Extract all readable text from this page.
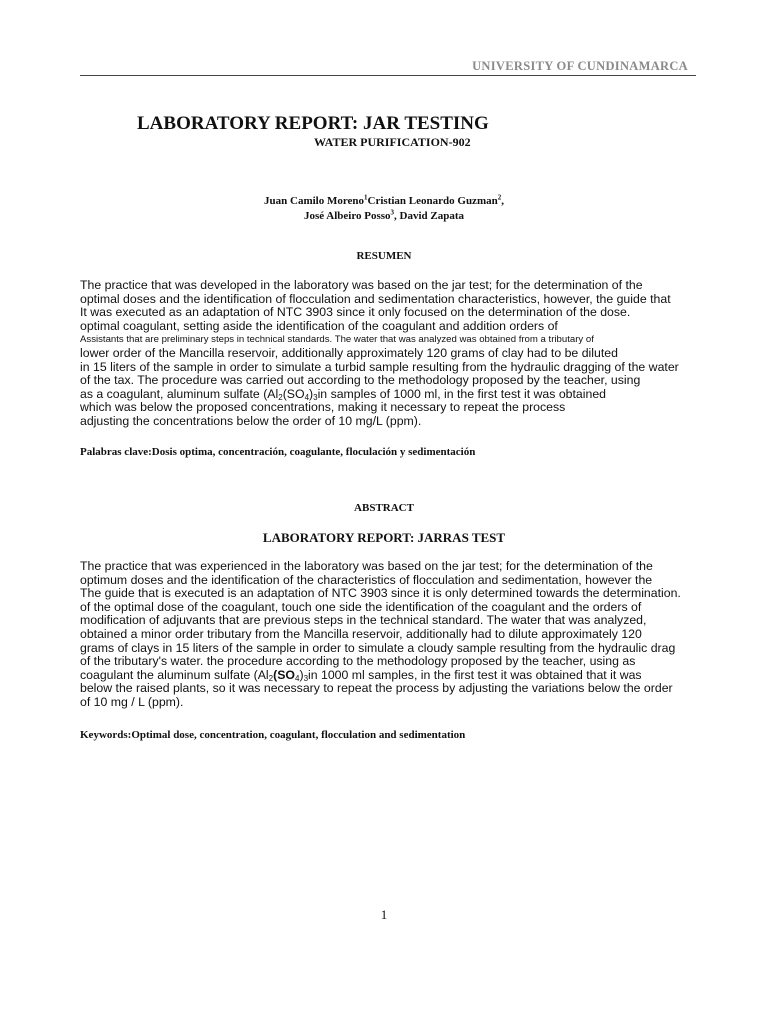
UNIVERSITY OF CUNDINAMARCA
LABORATORY REPORT: JAR TESTING
WATER PURIFICATION-902
Juan Camilo Moreno$^1$Cristian Leonardo Guzman$^2$,
José Albeiro Posso$^3$, David Zapata
RESUMEN
The practice that was developed in the laboratory was based on the jar test; for the determination of the
optimal doses and the identification of flocculation and sedimentation characteristics, however, the guide that
It was executed as an adaptation of NTC 3903 since it only focused on the determination of the dose.
optimal coagulant, setting aside the identification of the coagulant and addition orders of
Assistants that are preliminary steps in technical standards. The water that was analyzed was obtained from a tributary of
lower order of the Mancilla reservoir, additionally approximately 120 grams of clay had to be diluted
in 15 liters of the sample in order to simulate a turbid sample resulting from the hydraulic dragging of the water
of the tax. The procedure was carried out according to the methodology proposed by the teacher, using
as a coagulant, aluminum sulfate ($Al_2(SO_4)_3in$ samples of 1000 ml, in the first test it was obtained
which was below the proposed concentrations, making it necessary to repeat the process
adjusting the concentrations below the order of 10 mg/L (ppm).
Palabras clave:Dosis optima, concentración, coagulante, floculación y sedimentación
ABSTRACT
LABORATORY REPORT: JARRAS TEST
The practice that was experienced in the laboratory was based on the jar test; for the determination of the
optimum doses and the identification of the characteristics of flocculation and sedimentation, however the
The guide that is executed is an adaptation of NTC 3903 since it is only determined towards the determination.
of the optimal dose of the coagulant, touch one side the identification of the coagulant and the orders of
modification of adjuvants that are previous steps in the technical standard. The water that was analyzed,
obtained a minor order tributary from the Mancilla reservoir, additionally had to dilute approximately 120
grams of clays in 15 liters of the sample in order to simulate a cloudy sample resulting from the hydraulic drag
of the tributary's water. the procedure according to the methodology proposed by the teacher, using as
coagulant the aluminum sulfate ($Al_2(SO_4)_3in$ 1000 ml samples, in the first test it was obtained that it was
below the raised plants, so it was necessary to repeat the process by adjusting the variations below the order
of 10 mg / L (ppm).
Keywords:Optimal dose, concentration, coagulant, flocculation and sedimentation
1
